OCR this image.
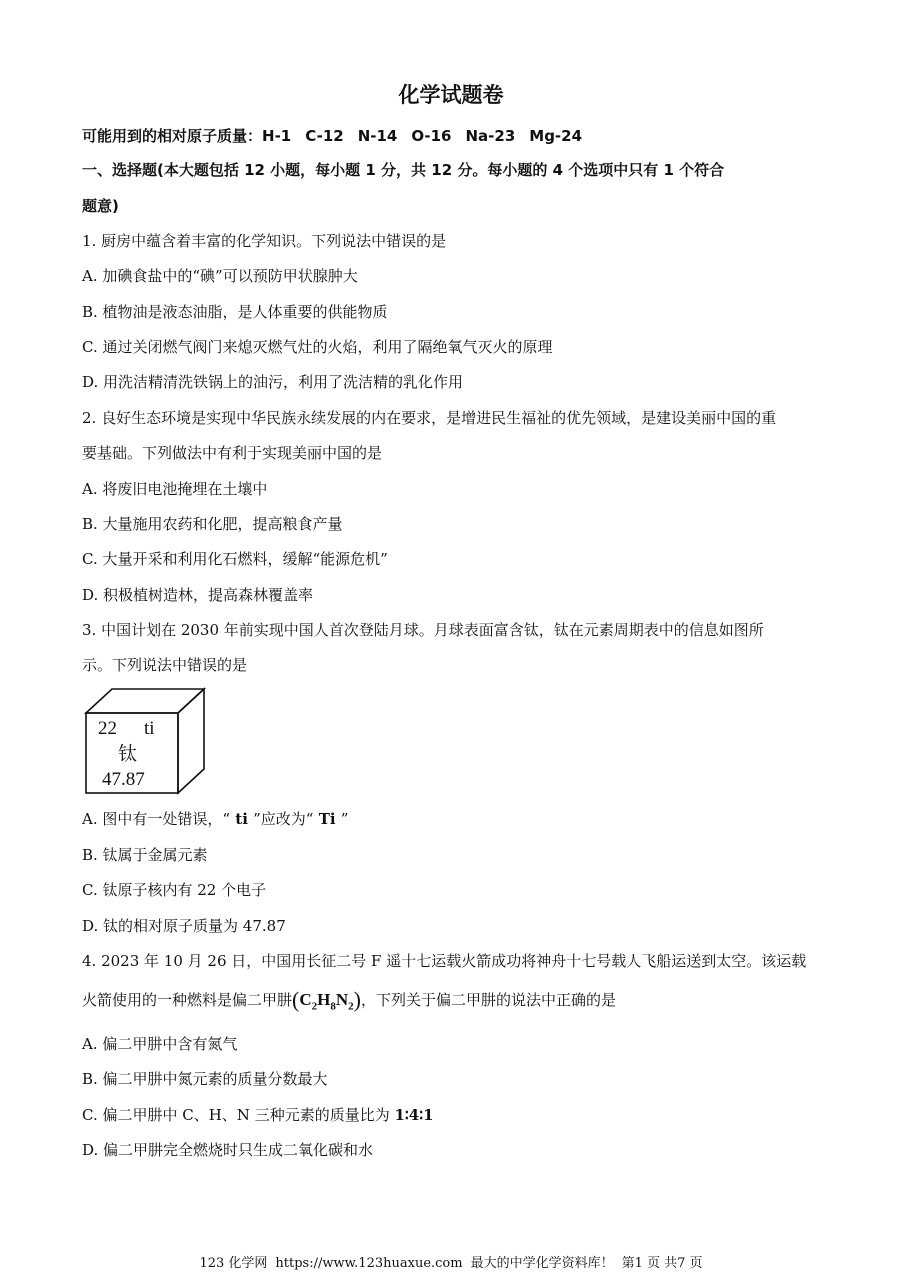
化学试题卷
可能用到的相对原子质量：H-1 C-12 N-14 O-16 Na-23 Mg-24
一、选择题(本大题包括 12 小题，每小题 1 分，共 12 分。每小题的 4 个选项中只有 1 个符合
题意)
1. 厨房中蕴含着丰富的化学知识。下列说法中错误的是
A. 加碘食盐中的“碘”可以预防甲状腺肿大
B. 植物油是液态油脂，是人体重要的供能物质
C. 通过关闭燃气阀门来熄灭燃气灶的火焰，利用了隔绝氧气灭火的原理
D. 用洗洁精清洗铁锅上的油污，利用了洗洁精的乳化作用
2. 良好生态环境是实现中华民族永续发展的内在要求，是增进民生福祉的优先领域，是建设美丽中国的重
要基础。下列做法中有利于实现美丽中国的是
A. 将废旧电池掩埋在土壤中
B. 大量施用农药和化肥，提高粮食产量
C. 大量开采和利用化石燃料，缓解“能源危机”
D. 积极植树造林，提高森林覆盖率
3. 中国计划在 2030 年前实现中国人首次登陆月球。月球表面富含钛，钛在元素周期表中的信息如图所
示。下列说法中错误的是
22 ti
钛
47.87
A. 图中有一处错误，“ ti ”应改为“ Ti ”
B. 钛属于金属元素
C. 钛原子核内有 22 个电子
D. 钛的相对原子质量为 47.87
4. 2023 年 10 月 26 日，中国用长征二号 F 遥十七运载火箭成功将神舟十七号载人飞船运送到太空。该运载
火箭使用的一种燃料是偏二甲肼$(C_2H_8N_2)$，下列关于偏二甲肼的说法中正确的是
A. 偏二甲肼中含有氮气
B. 偏二甲肼中氮元素的质量分数最大
C. 偏二甲肼中 C、H、N 三种元素的质量比为 1∶4∶1
D. 偏二甲肼完全燃烧时只生成二氧化碳和水
123 化学网 https://www.123huaxue.com 最大的中学化学资料库！ 第1 页 共7 页
